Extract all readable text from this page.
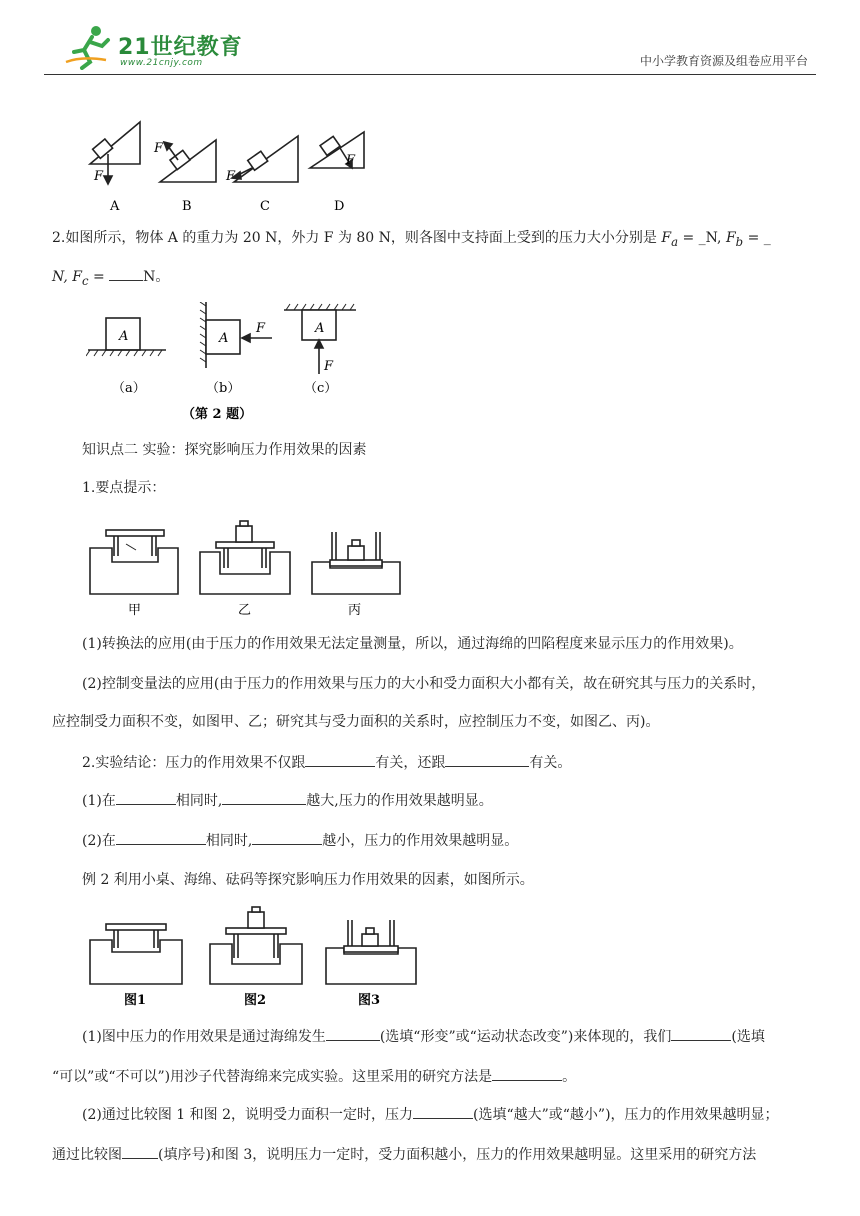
21世纪教育
www.21cnjy.com	中小学教育资源及组卷应用平台
F
F
F
F
A	B	C	D
2.如图所示，物体 A 的重力为 20 N，外力 F 为 80 N，则各图中支持面上受到的压力大小分别是 $F_a$ = _N, $F_b$ = _
N, $F_c = N$。
A	A
A
F
F
（a）	（b）	（c）
（第 2 题）
知识点二 实验：探究影响压力作用效果的因素
1.要点提示：
甲	乙	丙
(1)转换法的应用(由于压力的作用效果无法定量测量，所以，通过海绵的凹陷程度来显示压力的作用效果)。
(2)控制变量法的应用(由于压力的作用效果与压力的大小和受力面积大小都有关，故在研究其与压力的关系时，
应控制受力面积不变，如图甲、乙；研究其与受力面积的关系时，应控制压力不变，如图乙、丙)。
2.实验结论：压力的作用效果不仅跟	有关，还跟	有关。
(1)在	相同时,	越大,压力的作用效果越明显。
(2)在	相同时,	越小，压力的作用效果越明显。
例 2 利用小桌、海绵、砝码等探究影响压力作用效果的因素，如图所示。
图1	图2	图3
(1)图中压力的作用效果是通过海绵发生	(选填“形变”或“运动状态改变”)来体现的，我们	(选填
“可以”或“不可以”)用沙子代替海绵来完成实验。这里采用的研究方法是	。
(2)通过比较图 1 和图 2，说明受力面积一定时，压力	(选填“越大”或“越小”)，压力的作用效果越明显；
通过比较图	(填序号)和图 3，说明压力一定时，受力面积越小，压力的作用效果越明显。这里采用的研究方法
